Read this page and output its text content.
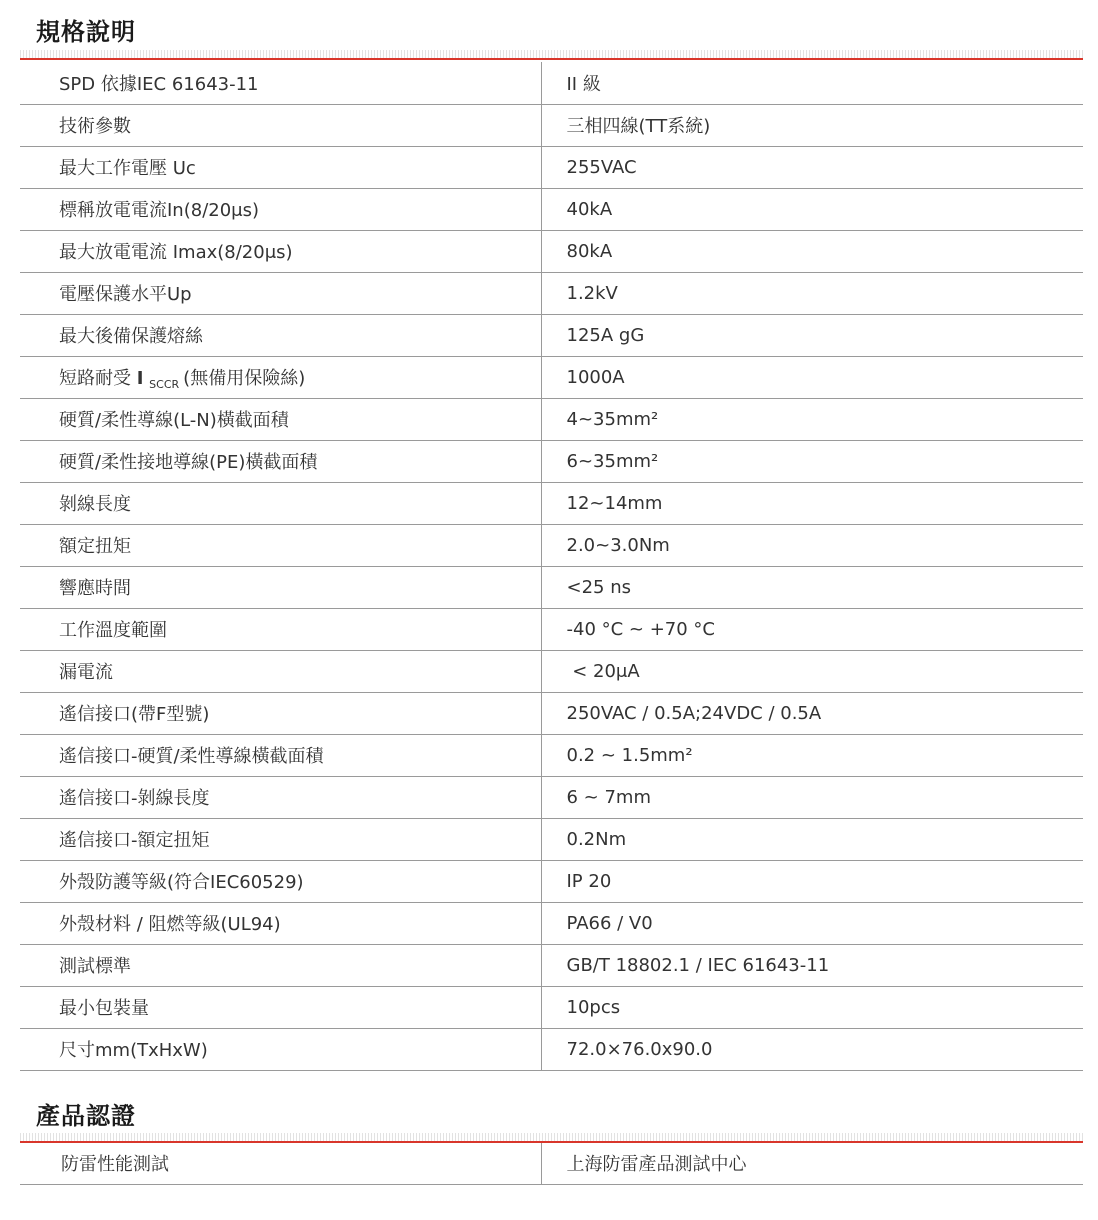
規格說明
SPD 依據IEC 61643-11	II 級
技術參數	三相四線(TT系統)
最大工作電壓 Uc	255VAC
標稱放電電流In(8/20μs)	40kA
最大放電電流 Imax(8/20μs)	80kA
電壓保護水平Up	1.2kV
最大後備保護熔絲	125A gG
短路耐受 I $_{SCCR}$ (無備用保險絲)	1000A
硬質/柔性導線(L-N)橫截面積	4~35mm²
硬質/柔性接地導線(PE)橫截面積	6~35mm²
剝線長度	12~14mm
額定扭矩	2.0~3.0Nm
響應時間	<25 ns
工作溫度範圍	-40 °C ~ +70 °C
漏電流	< 20μA
遙信接口(帶F型號)	250VAC / 0.5A;24VDC / 0.5A
遙信接口-硬質/柔性導線橫截面積	0.2 ~ 1.5mm²
遙信接口-剝線長度	6 ~ 7mm
遙信接口-額定扭矩	0.2Nm
外殼防護等級(符合IEC60529)	IP 20
外殼材料 / 阻燃等級(UL94)	PA66 / V0
測試標準	GB/T 18802.1 / IEC 61643-11
最小包裝量	10pcs
尺寸mm(TxHxW)	72.0×76.0x90.0
產品認證
防雷性能測試	上海防雷產品測試中心
